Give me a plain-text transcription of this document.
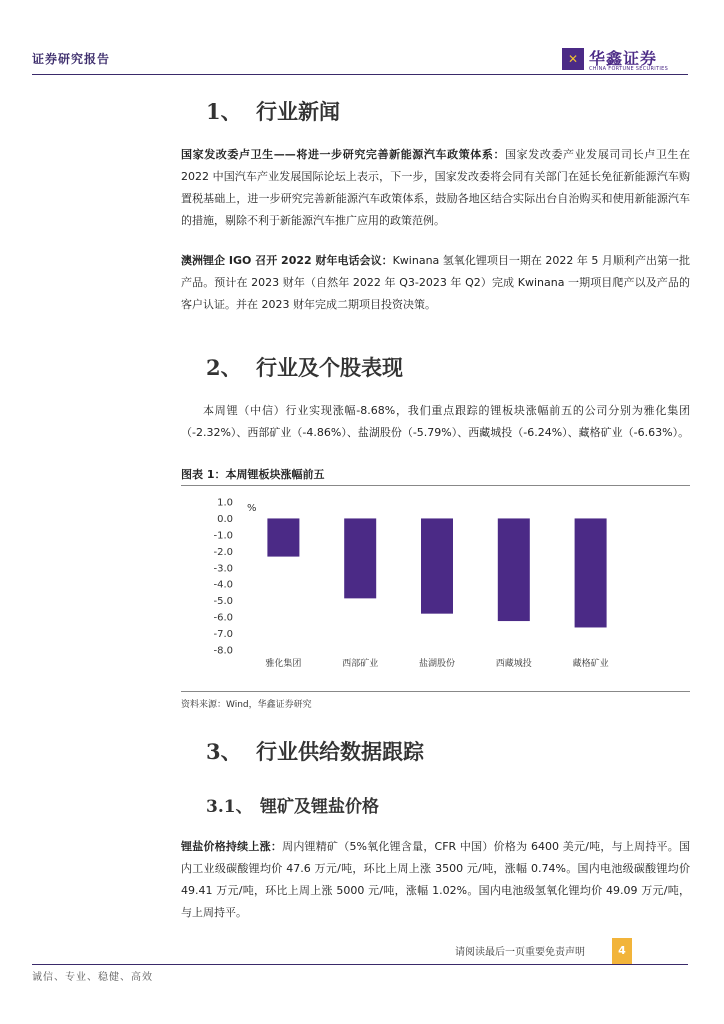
证券研究报告	✕ 华鑫证券
CHINA FORTUNE SECURITIES
1、 行业新闻
国家发改委卢卫生——将进一步研究完善新能源汽车政策体系：国家发改委产业发展司司长卢卫生在 2022 中国汽车产业发展国际论坛上表示，下一步，国家发改委将会同有关部门在延长免征新能源汽车购置税基础上，进一步研究完善新能源汽车政策体系，鼓励各地区结合实际出台自治购买和使用新能源汽车的措施，剔除不利于新能源汽车推广应用的政策范例。
澳洲锂企 IGO 召开 2022 财年电话会议：Kwinana 氢氧化锂项目一期在 2022 年 5 月顺利产出第一批产品。预计在 2023 财年（自然年 2022 年 Q3-2023 年 Q2）完成 Kwinana 一期项目爬产以及产品的客户认证。并在 2023 财年完成二期项目投资决策。
2、 行业及个股表现
本周锂（中信）行业实现涨幅-8.68%，我们重点跟踪的锂板块涨幅前五的公司分别为雅化集团（-2.32%）、西部矿业（-4.86%）、盐湖股份（-5.79%）、西藏城投（-6.24%）、藏格矿业（-6.63%）。
图表 1：本周锂板块涨幅前五
1.0
0.0
-1.0
-2.0
-3.0
-4.0
-5.0
-6.0
-7.0
-8.0
%
雅化集团	西部矿业	盐湖股份	西藏城投	藏格矿业
资料来源：Wind，华鑫证券研究
3、 行业供给数据跟踪
3.1、 锂矿及锂盐价格
锂盐价格持续上涨：周内锂精矿（5%氧化锂含量，CFR 中国）价格为 6400 美元/吨，与上周持平。国内工业级碳酸锂均价 47.6 万元/吨，环比上周上涨 3500 元/吨，涨幅 0.74%。国内电池级碳酸锂均价 49.41 万元/吨，环比上周上涨 5000 元/吨，涨幅 1.02%。国内电池级氢氧化锂均价 49.09 万元/吨，与上周持平。
请阅读最后一页重要免责声明	4
诚信、专业、稳健、高效
